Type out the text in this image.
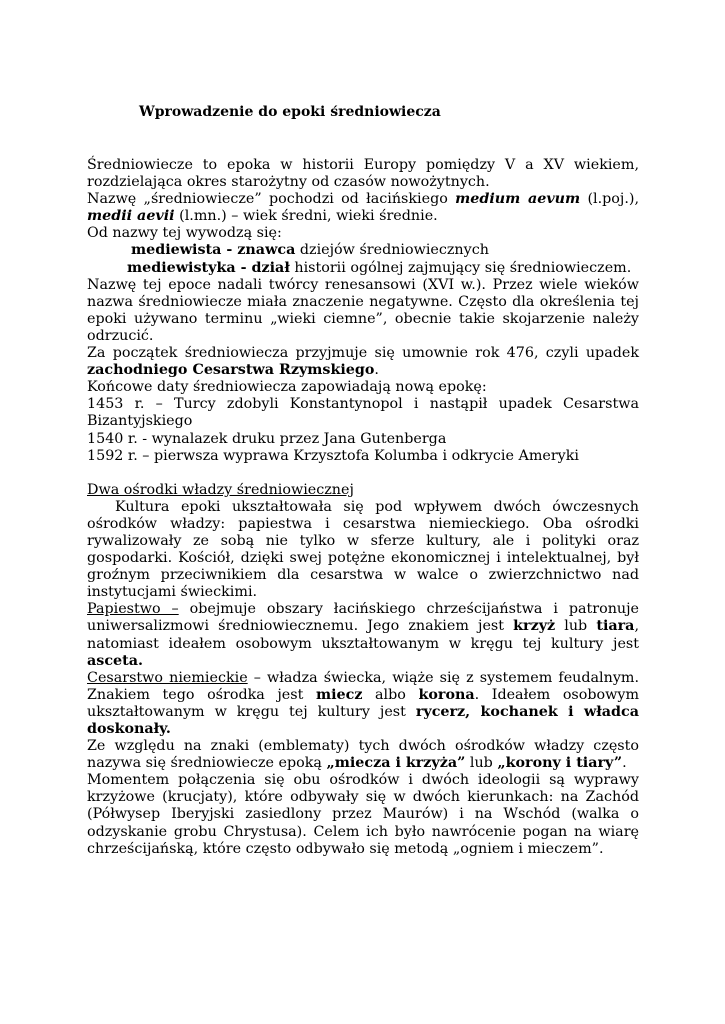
Wprowadzenie do epoki średniowiecza

Średniowiecze to epoka w historii Europy pomiędzy V a XV wiekiem, rozdzielająca okres starożytny od czasów nowożytnych.

Nazwę „średniowiecze” pochodzi od łacińskiego medium aevum (l.poj.), medii aevii (l.mn.) – wiek średni, wieki średnie.

Od nazwy tej wywodzą się:

mediewista - znawca dziejów średniowiecznych

mediewistyka - dział historii ogólnej zajmujący się średniowieczem.

Nazwę tej epoce nadali twórcy renesansowi (XVI w.). Przez wiele wieków nazwa średniowiecze miała znaczenie negatywne. Często dla określenia tej epoki używano terminu „wieki ciemne”, obecnie takie skojarzenie należy odrzucić.

Za początek średniowiecza przyjmuje się umownie rok 476, czyli upadek zachodniego Cesarstwa Rzymskiego.

Końcowe daty średniowiecza zapowiadają nową epokę:

1453 r. – Turcy zdobyli Konstantynopol i nastąpił upadek Cesarstwa Bizantyjskiego

1540 r. - wynalazek druku przez Jana Gutenberga

1592 r. – pierwsza wyprawa Krzysztofa Kolumba i odkrycie Ameryki

Dwa ośrodki władzy średniowiecznej

Kultura epoki ukształtowała się pod wpływem dwóch ówczesnych ośrodków władzy: papiestwa i cesarstwa niemieckiego. Oba ośrodki rywalizowały ze sobą nie tylko w sferze kultury, ale i polityki oraz gospodarki. Kościół, dzięki swej potężne ekonomicznej i intelektualnej, był groźnym przeciwnikiem dla cesarstwa w walce o zwierzchnictwo nad instytucjami świeckimi.

Papiestwo – obejmuje obszary łacińskiego chrześcijaństwa i patronuje uniwersalizmowi średniowiecznemu. Jego znakiem jest krzyż lub tiara, natomiast ideałem osobowym ukształtowanym w kręgu tej kultury jest asceta.

Cesarstwo niemieckie – władza świecka, wiąże się z systemem feudalnym. Znakiem tego ośrodka jest miecz albo korona. Ideałem osobowym ukształtowanym w kręgu tej kultury jest rycerz, kochanek i władca doskonały.

Ze względu na znaki (emblematy) tych dwóch ośrodków władzy często nazywa się średniowiecze epoką „miecza i krzyża” lub „korony i tiary”.

Momentem połączenia się obu ośrodków i dwóch ideologii są wyprawy krzyżowe (krucjaty), które odbywały się w dwóch kierunkach: na Zachód (Półwysep Iberyjski zasiedlony przez Maurów) i na Wschód (walka o odzyskanie grobu Chrystusa). Celem ich było nawrócenie pogan na wiarę chrześcijańską, które często odbywało się metodą „ogniem i mieczem”.
